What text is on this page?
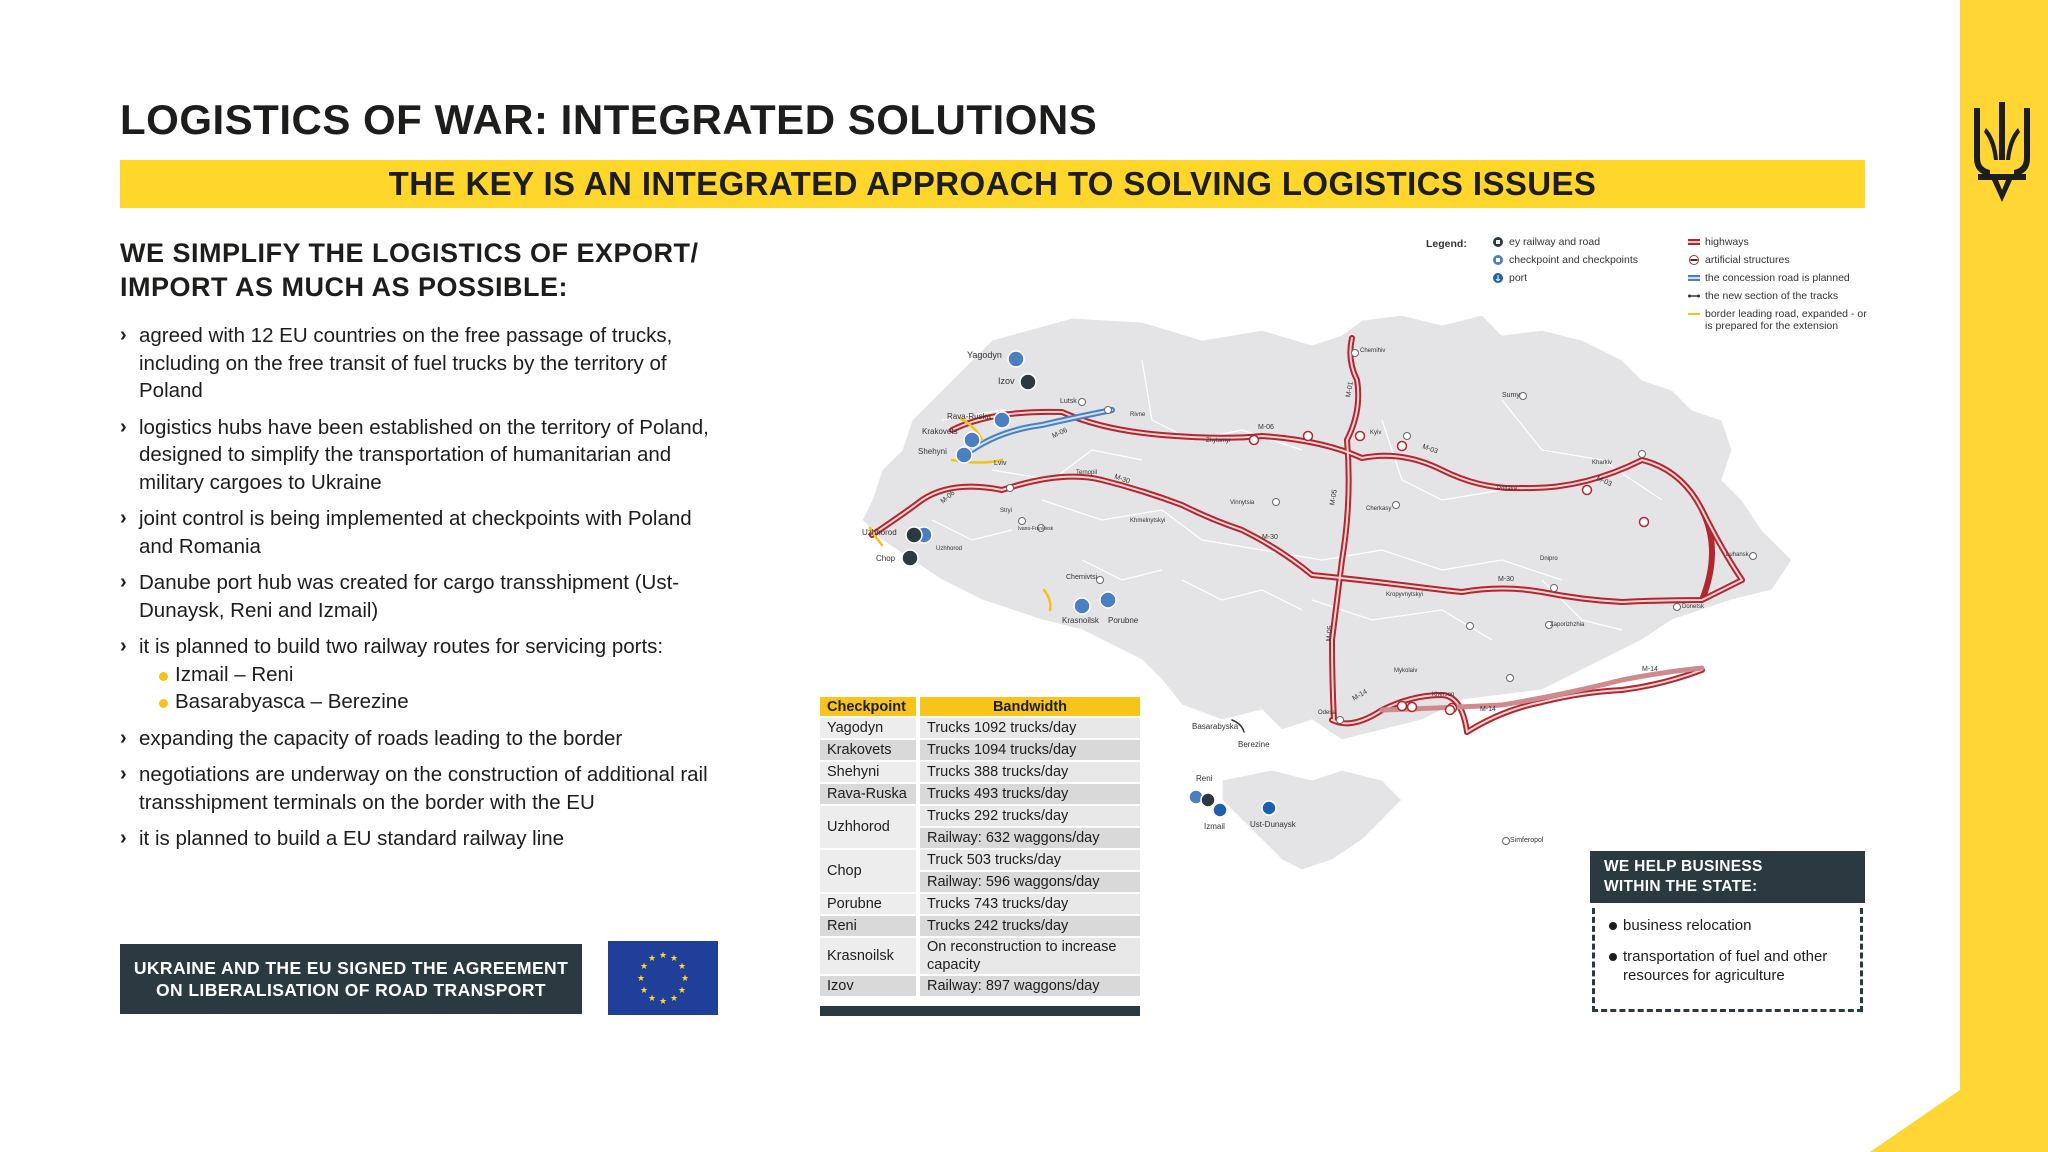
LOGISTICS OF WAR: INTEGRATED SOLUTIONS
THE KEY IS AN INTEGRATED APPROACH TO SOLVING LOGISTICS ISSUES
WE SIMPLIFY THE LOGISTICS OF EXPORT/
IMPORT AS MUCH AS POSSIBLE:
› agreed with 12 EU countries on the free passage of trucks, including on the free transit of fuel trucks by the territory of Poland
› logistics hubs have been established on the territory of Poland, designed to simplify the transportation of humanitarian and military cargoes to Ukraine
› joint control is being implemented at checkpoints with Poland and Romania
› Danube port hub was created for cargo transshipment (Ust-Dunaysk, Reni and Izmail)
› it is planned to build two railway routes for servicing ports:
Izmail – Reni
Basarabyasca – Berezine
› expanding the capacity of roads leading to the border
› negotiations are underway on the construction of additional rail transshipment terminals on the border with the EU
› it is planned to build a EU standard railway line
UKRAINE AND THE EU SIGNED THE AGREEMENT
ON LIBERALISATION OF ROAD TRANSPORT
★ ★
★
★
★
★
★
★
★
★
★
★
Legend:	ey railway and road
checkpoint and checkpoints
port
highways
artificial structures
the concession road is planned
the new section of the tracks
border leading road, expanded - or is prepared for the extension
Yagodyn
Izov
Lutsk
Rava-Ruska
Krakovets
Shehyni
Lviv
Uzhhorod
Chop
Uzhhorod
Chernivtsi
Krasnoilsk Porubne
Basarabyska
Berezine
Reni
Izmail	Ust-Dunaysk
Chernihiv
Sumy
Kyiv
Zhytomyr
Kharkiv
Poltava
Vinnytsia
Cherkasy
Ternopil
Khmelnytskyi
Ivano-Frankivsk
Rivne
Stryi
Kropyvnytskyi
Dnipro
Zaporizhzhia
Donetsk
Luhansk
Mykolaiv
Kherson
Odesa
Simferopol
M-06
M-06
M-06
M-30
M-30
M-30
M-01
M-03
M-03
M-05
M-05
M-14
M-14
M-14
Checkpoint	Bandwidth
Yagodyn	Trucks 1092 trucks/day
Krakovets	Trucks 1094 trucks/day
Shehyni	Trucks 388 trucks/day
Rava-Ruska	Trucks 493 trucks/day
Uzhhorod	Trucks 292 trucks/day
	Railway: 632 waggons/day
Chop	Truck 503 trucks/day
	Railway: 596 waggons/day
Porubne	Trucks 743 trucks/day
Reni	Trucks 242 trucks/day
Krasnoilsk	On reconstruction to increase capacity
Izov	Railway: 897 waggons/day
WE HELP BUSINESS
WITHIN THE STATE:
business relocation
transportation of fuel and other resources for agriculture
